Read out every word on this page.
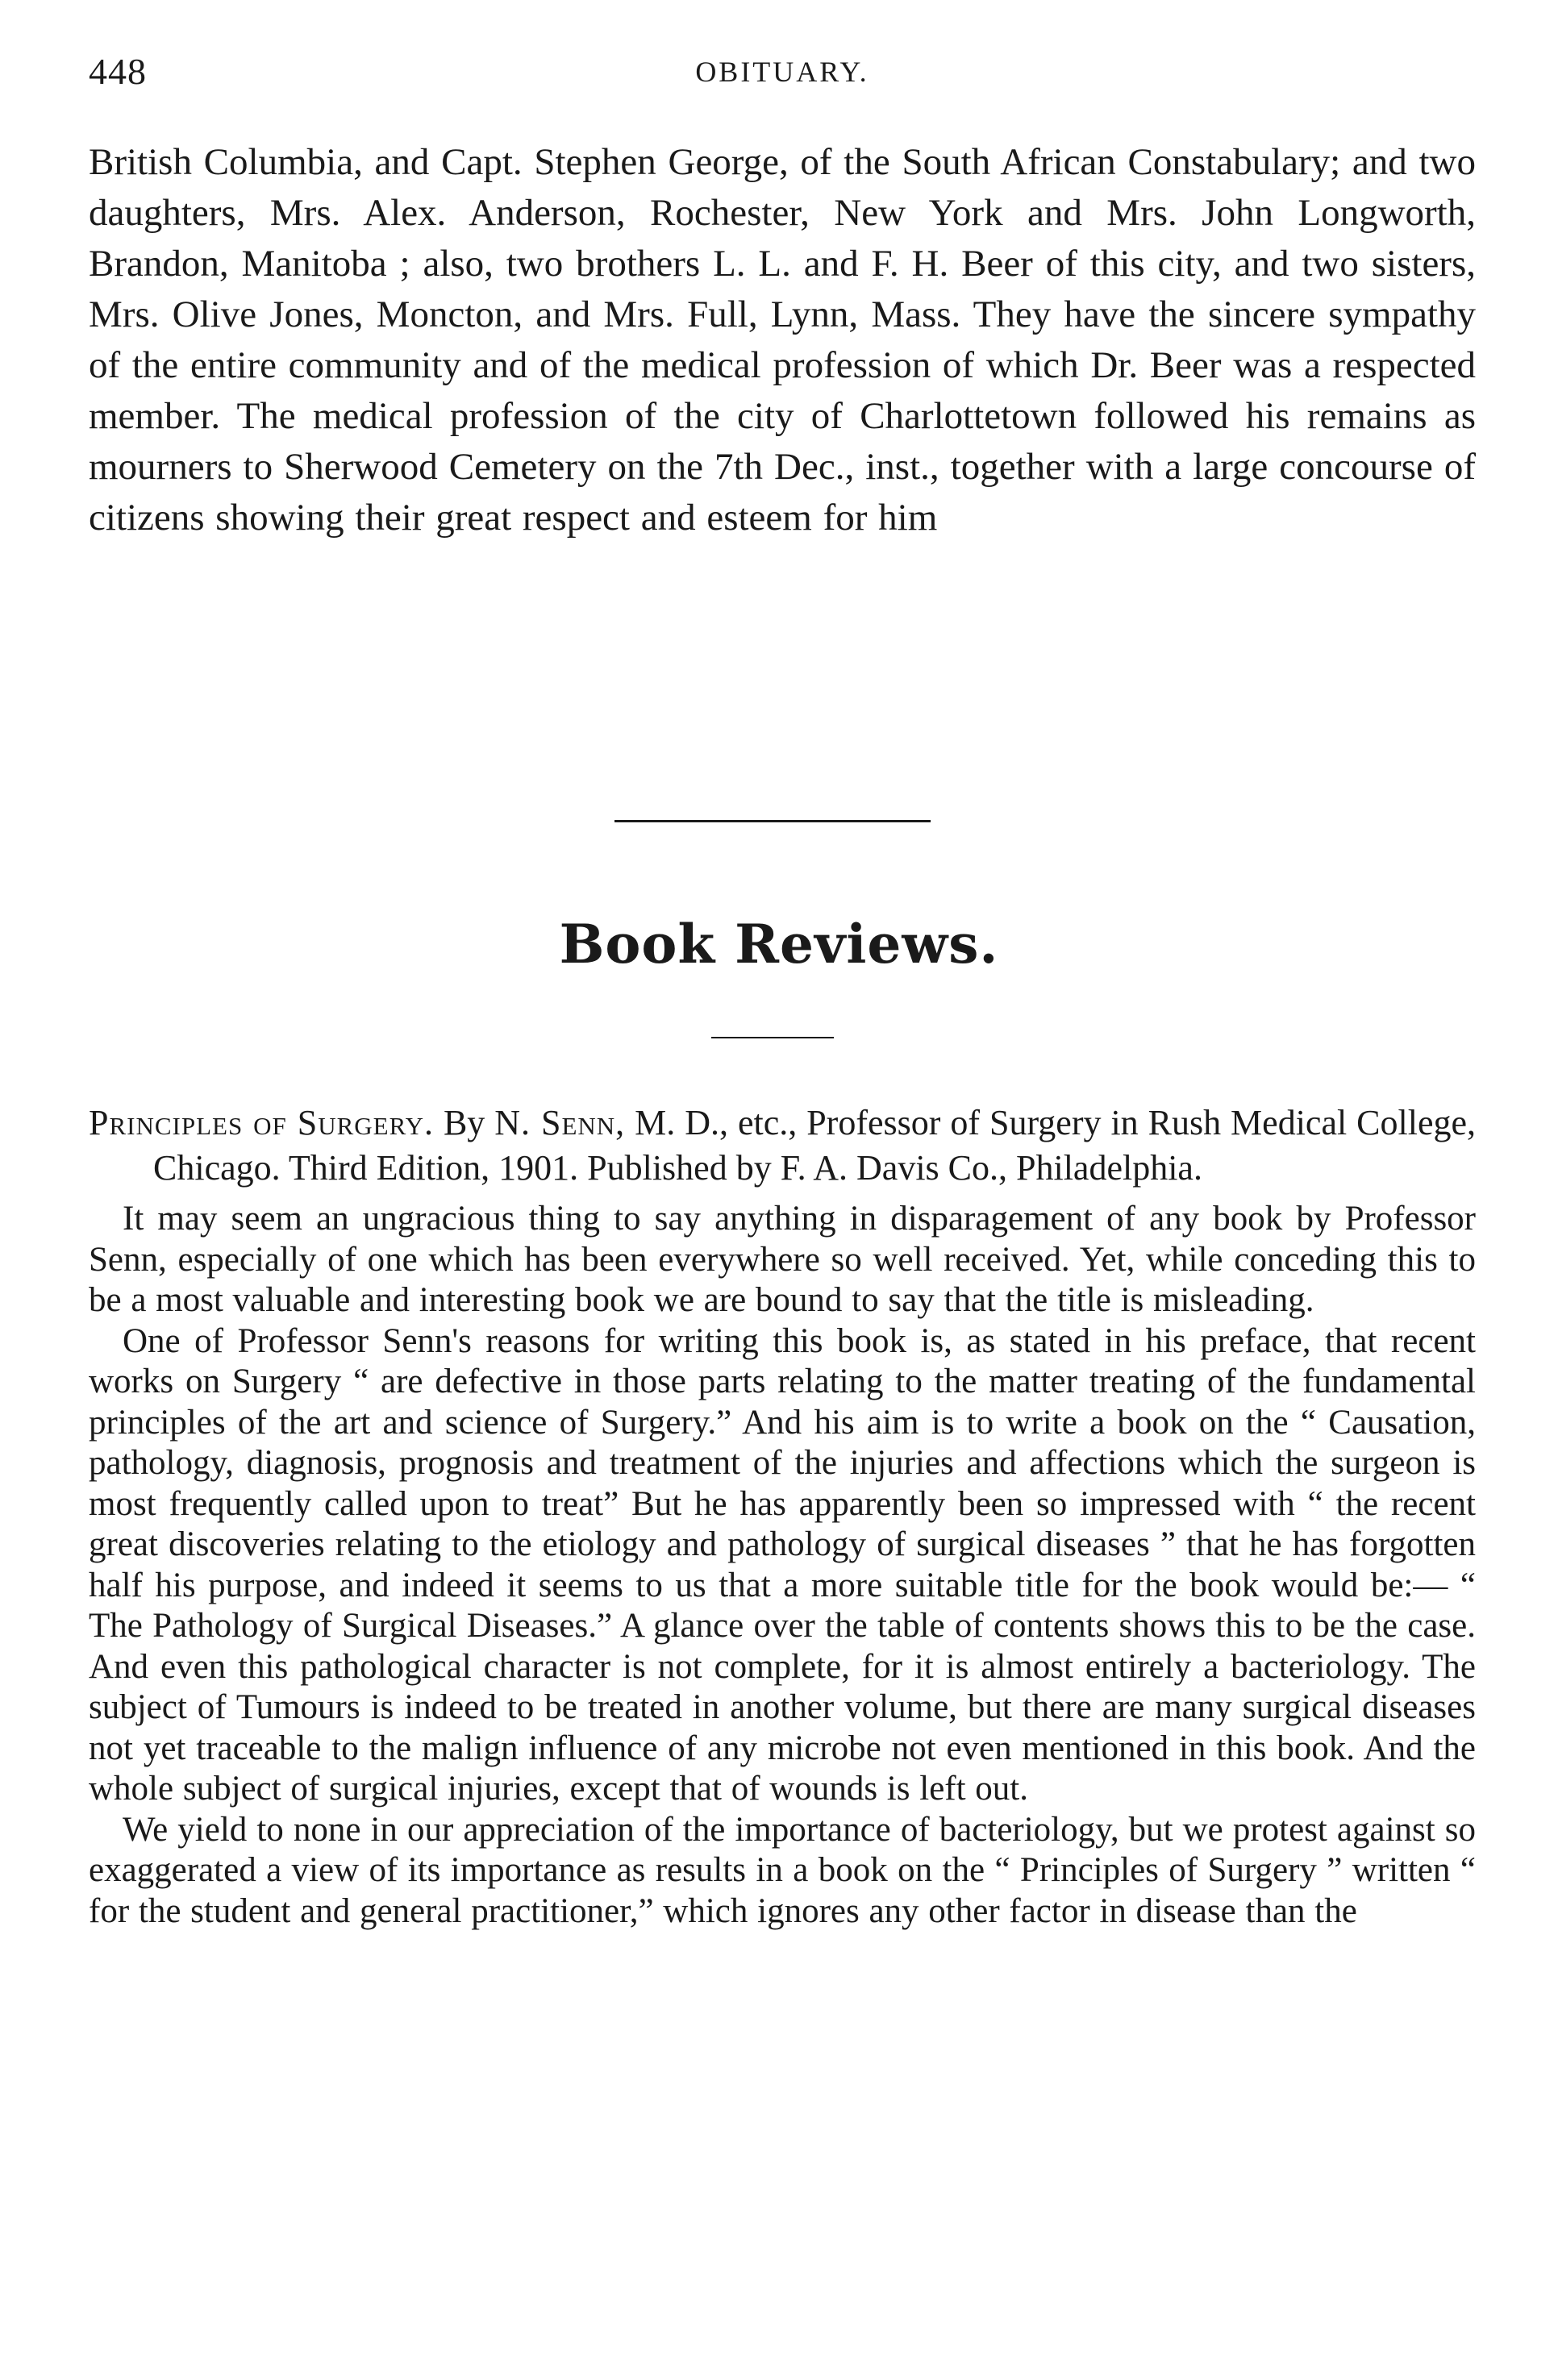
448	OBITUARY.

British Columbia, and Capt. Stephen George, of the South African Constabulary; and two daughters, Mrs. Alex. Anderson, Rochester, New York and Mrs. John Longworth, Brandon, Manitoba ; also, two brothers L. L. and F. H. Beer of this city, and two sisters, Mrs. Olive Jones, Moncton, and Mrs. Full, Lynn, Mass. They have the sincere sympathy of the entire community and of the medical profession of which Dr. Beer was a respected member. The medical profession of the city of Charlottetown followed his remains as mourners to Sherwood Cemetery on the 7th Dec., inst., together with a large concourse of citizens showing their great respect and esteem for him

Book Reviews.

Principles of Surgery. By N. Senn, M. D., etc., Professor of Surgery in Rush Medical College, Chicago. Third Edition, 1901. Published by F. A. Davis Co., Philadelphia.

It may seem an ungracious thing to say anything in disparagement of any book by Professor Senn, especially of one which has been everywhere so well received. Yet, while conceding this to be a most valuable and interesting book we are bound to say that the title is misleading.

One of Professor Senn's reasons for writing this book is, as stated in his preface, that recent works on Surgery “ are defective in those parts relating to the matter treating of the fundamental principles of the art and science of Surgery.” And his aim is to write a book on the “ Causation, pathology, diagnosis, prognosis and treatment of the injuries and affections which the surgeon is most frequently called upon to treat” But he has apparently been so impressed with “ the recent great discoveries relating to the etiology and pathology of surgical diseases ” that he has forgotten half his purpose, and indeed it seems to us that a more suitable title for the book would be:— “ The Pathology of Surgical Diseases.” A glance over the table of contents shows this to be the case. And even this pathological character is not complete, for it is almost entirely a bacteriology. The subject of Tumours is indeed to be treated in another volume, but there are many surgical diseases not yet traceable to the malign influence of any microbe not even mentioned in this book. And the whole subject of surgical injuries, except that of wounds is left out.

We yield to none in our appreciation of the importance of bacteriology, but we protest against so exaggerated a view of its importance as results in a book on the “ Principles of Surgery ” written “ for the student and general practitioner,” which ignores any other factor in disease than the
